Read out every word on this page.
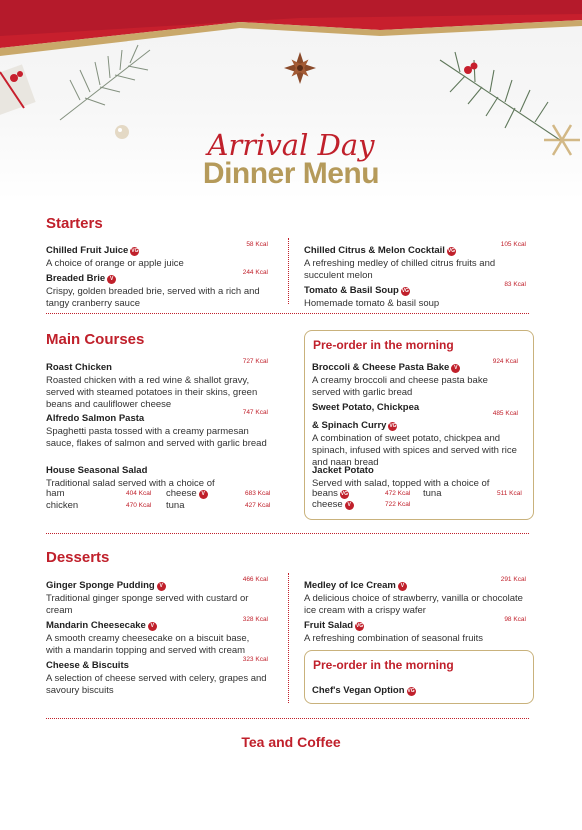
Arrival Day
Dinner Menu
Starters
Chilled Fruit Juice VG
58 Kcal
A choice of orange or apple juice
Breaded Brie V
244 Kcal
Crispy, golden breaded brie, served with a rich and tangy cranberry sauce
Chilled Citrus & Melon Cocktail VG
105 Kcal
A refreshing medley of chilled citrus fruits and succulent melon
Tomato & Basil Soup VG
83 Kcal
Homemade tomato & basil soup
Main Courses
Roast Chicken
727 Kcal
Roasted chicken with a red wine & shallot gravy, served with steamed potatoes in their skins, green beans and cauliflower cheese
Alfredo Salmon Pasta
747 Kcal
Spaghetti pasta tossed with a creamy parmesan sauce, flakes of salmon and served with garlic bread
House Seasonal Salad
Traditional salad served with a choice of
ham	404 Kcal
chicken	470 Kcal
cheese V	683 Kcal
tuna	427 Kcal
Pre-order in the morning
Broccoli & Cheese Pasta Bake V
924 Kcal
A creamy broccoli and cheese pasta bake served with garlic bread
Sweet Potato, Chickpea
& Spinach Curry VG
485 Kcal
A combination of sweet potato, chickpea and spinach, infused with spices and served with rice and naan bread
Jacket Potato
Served with salad, topped with a choice of
beans VG	472 Kcal
cheese V	722 Kcal
tuna	511 Kcal
Desserts
Ginger Sponge Pudding V
466 Kcal
Traditional ginger sponge served with custard or cream
Mandarin Cheesecake V
328 Kcal
A smooth creamy cheesecake on a biscuit base, with a mandarin topping and served with cream
Cheese & Biscuits
323 Kcal
A selection of cheese served with celery, grapes and savoury biscuits
Medley of Ice Cream V
291 Kcal
A delicious choice of strawberry, vanilla or chocolate ice cream with a crispy wafer
Fruit Salad VG
98 Kcal
A refreshing combination of seasonal fruits
Pre-order in the morning
Chef's Vegan Option VG
Tea and Coffee
